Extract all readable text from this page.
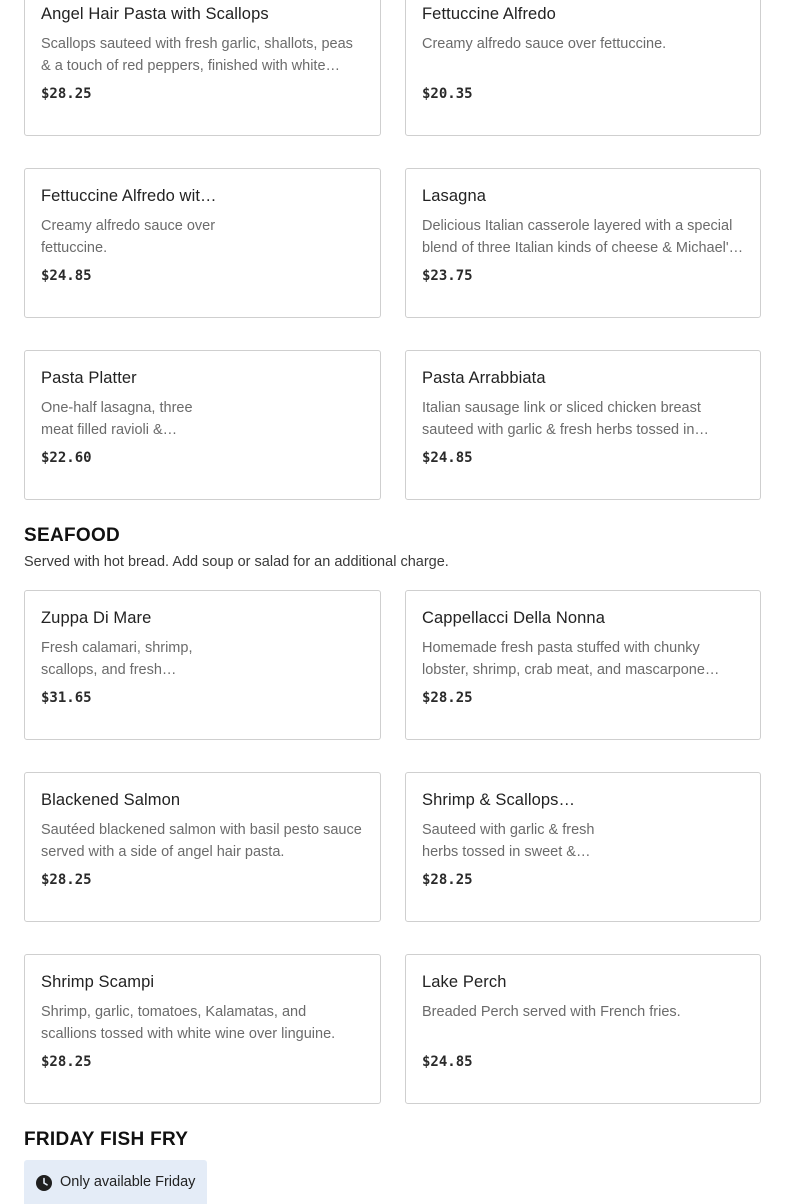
Angel Hair Pasta with Scallops
Scallops sauteed with fresh garlic, shallots, peas & a touch of red peppers, finished with white
$28.25
Fettuccine Alfredo
Creamy alfredo sauce over fettuccine.
$20.35
Fettuccine Alfredo wit…
Creamy alfredo sauce over fettuccine.
$24.85
Lasagna
Delicious Italian casserole layered with a special blend of three Italian kinds of cheese & Michael'…
$23.75
Pasta Platter
One-half lasagna, three meat filled ravioli &…
$22.60
Pasta Arrabbiata
Italian sausage link or sliced chicken breast sauteed with garlic & fresh herbs tossed in
$24.85
SEAFOOD
Served with hot bread. Add soup or salad for an additional charge.
Zuppa Di Mare
Fresh calamari, shrimp, scallops, and fresh
$31.65
Cappellacci Della Nonna
Homemade fresh pasta stuffed with chunky lobster, shrimp, crab meat, and mascarpone…
$28.25
Blackened Salmon
Sautéed blackened salmon with basil pesto sauce served with a side of angel hair pasta.
$28.25
Shrimp & Scallops…
Sauteed with garlic & fresh herbs tossed in sweet &…
$28.25
Shrimp Scampi
Shrimp, garlic, tomatoes, Kalamatas, and scallions tossed with white wine over linguine.
$28.25
Lake Perch
Breaded Perch served with French fries.
$24.85
FRIDAY FISH FRY
Only available Friday
